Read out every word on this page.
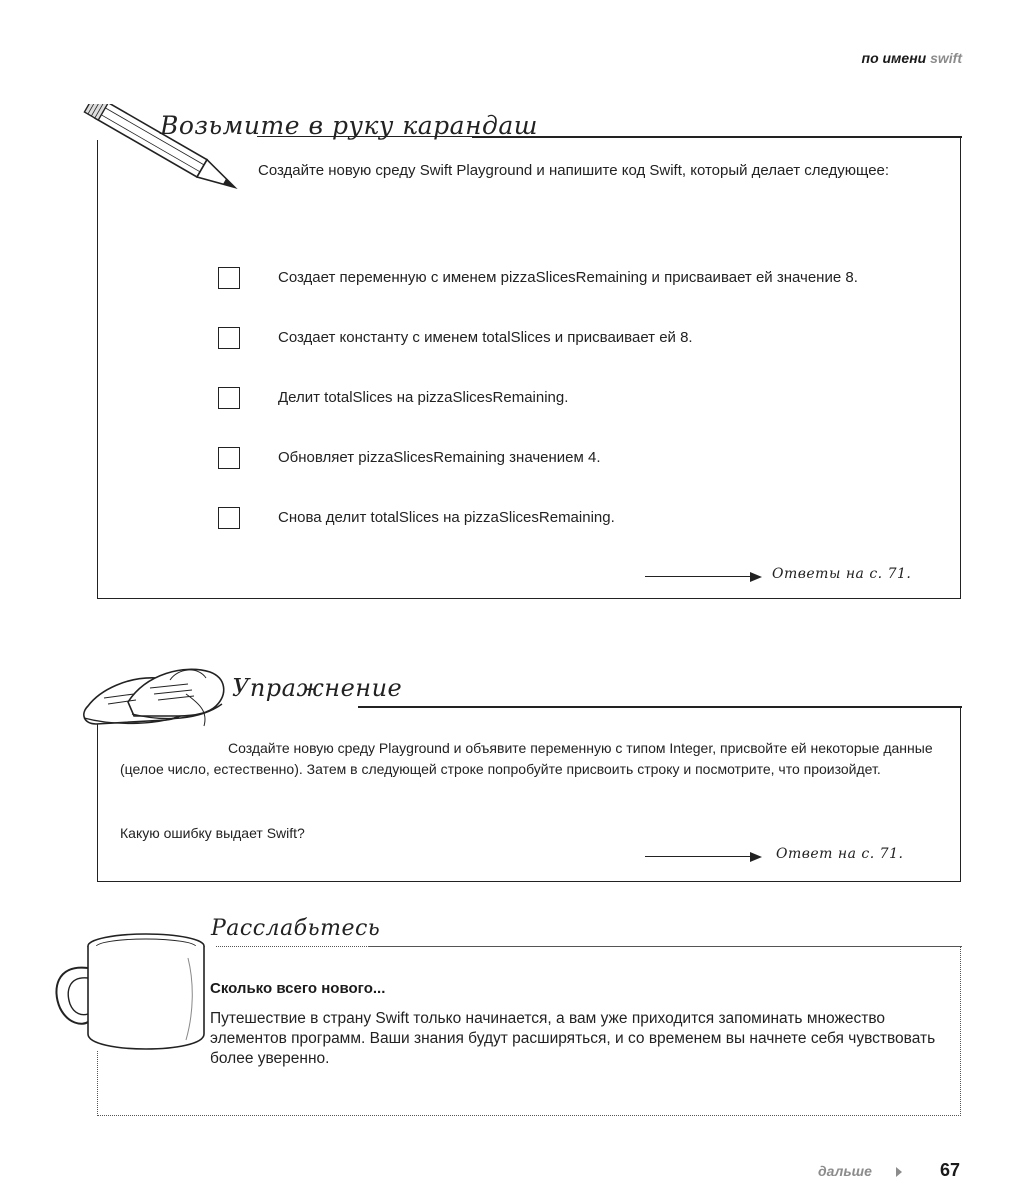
по имени swift
Возьмите в руку карандаш
Создайте новую среду Swift Playground и напишите код Swift, который делает следующее:
Создает переменную с именем pizzaSlicesRemaining и присваивает ей значение 8.
Создает константу с именем totalSlices и присваивает ей 8.
Делит totalSlices на pizzaSlicesRemaining.
Обновляет pizzaSlicesRemaining значением 4.
Снова делит totalSlices на pizzaSlicesRemaining.
Ответы на с. 71.
Упражнение
Создайте новую среду Playground и объявите переменную с типом Integer, присвойте ей некоторые данные (целое число, естественно). Затем в следующей строке попробуйте присвоить строку и посмотрите, что произойдет.
Какую ошибку выдает Swift?
Ответ на с. 71.
Расслабьтесь
Сколько всего нового...
Путешествие в страну Swift только начинается, а вам уже приходится запоминать множество элементов программ. Ваши знания будут расширяться, и со временем вы начнете себя чувствовать более уверенно.
дальше	67
